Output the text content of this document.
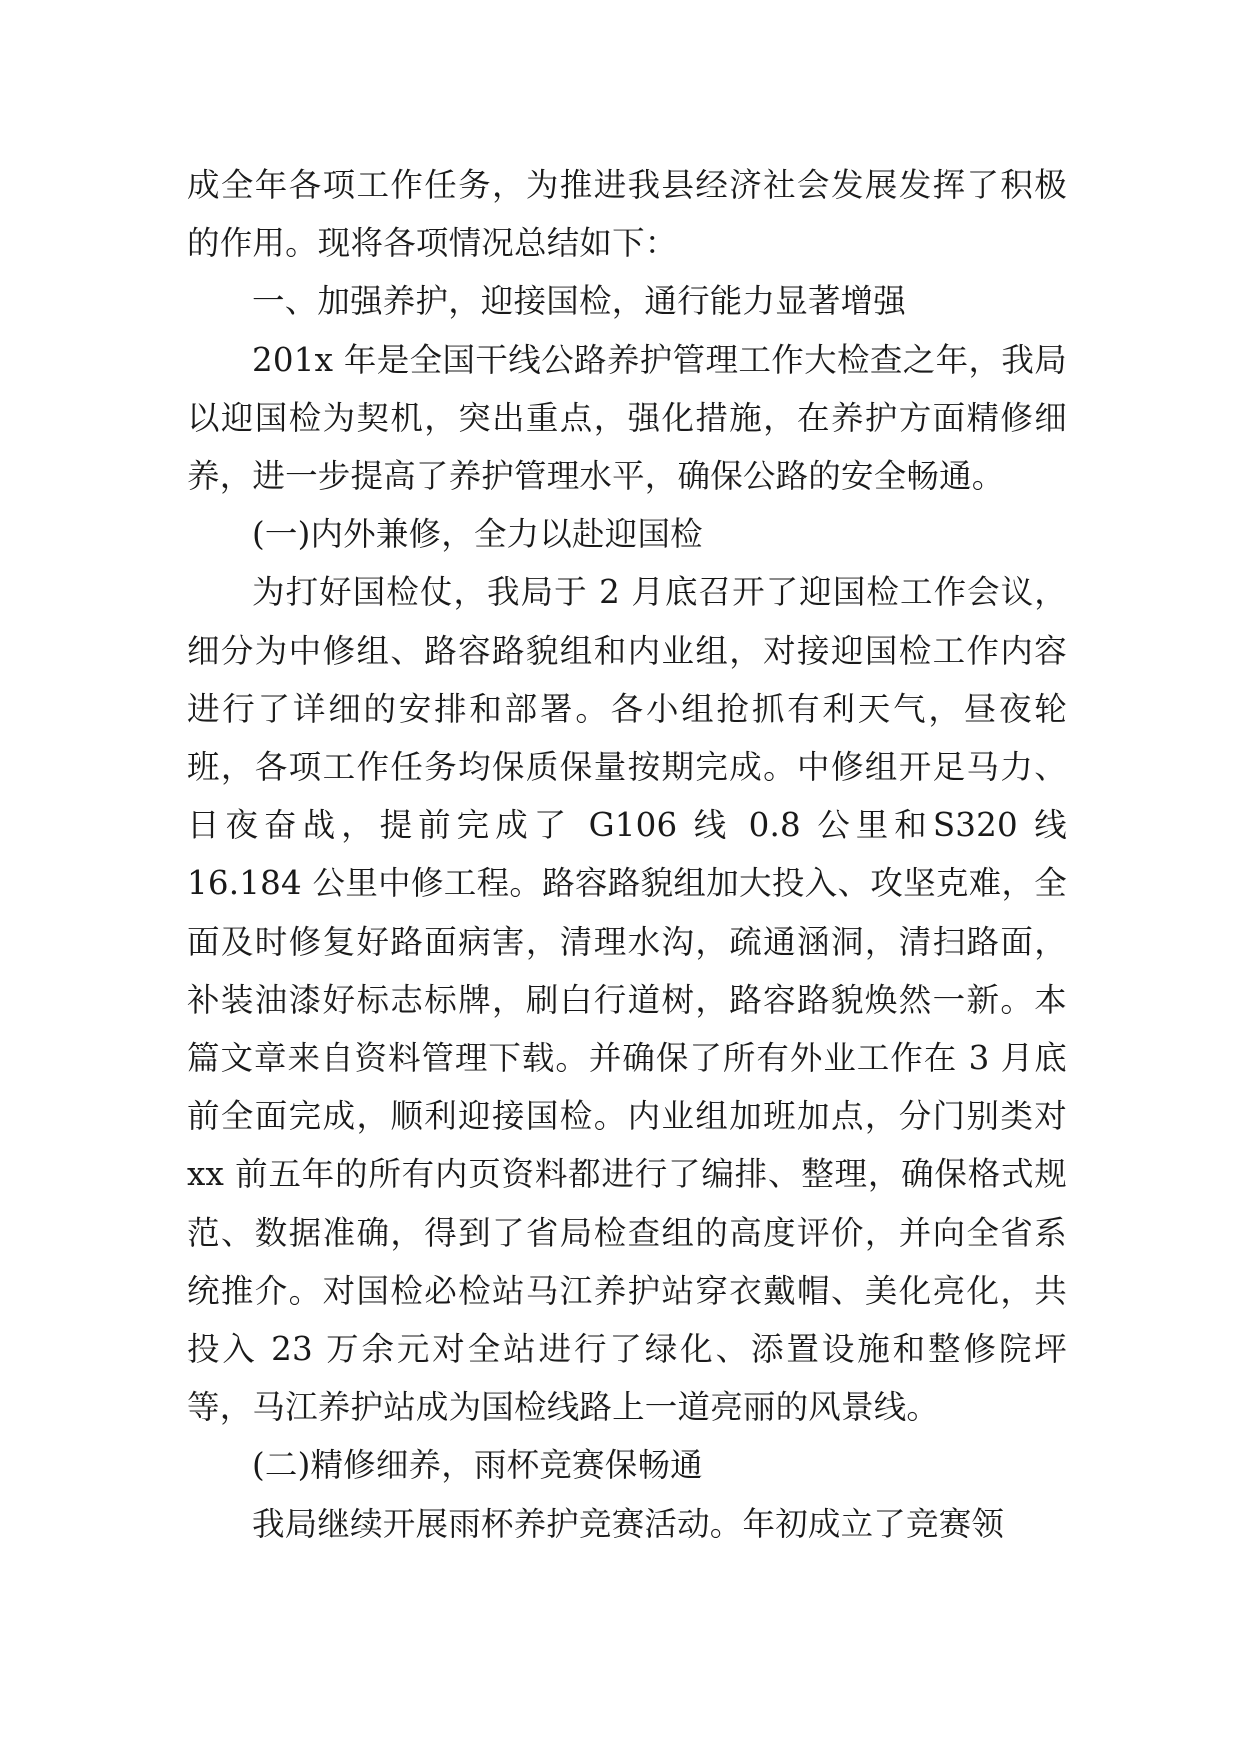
成全年各项工作任务，为推进我县经济社会发展发挥了积极的作用。现将各项情况总结如下：

一、加强养护，迎接国检，通行能力显著增强

201x 年是全国干线公路养护管理工作大检查之年，我局以迎国检为契机，突出重点，强化措施，在养护方面精修细养，进一步提高了养护管理水平，确保公路的安全畅通。

(一)内外兼修，全力以赴迎国检

为打好国检仗，我局于 2 月底召开了迎国检工作会议，细分为中修组、路容路貌组和内业组，对接迎国检工作内容进行了详细的安排和部署。各小组抢抓有利天气，昼夜轮班，各项工作任务均保质保量按期完成。中修组开足马力、日夜奋战，提前完成了 G106 线 0.8 公里和S320 线 16.184 公里中修工程。路容路貌组加大投入、攻坚克难，全面及时修复好路面病害，清理水沟，疏通涵洞，清扫路面，补装油漆好标志标牌，刷白行道树，路容路貌焕然一新。本篇文章来自资料管理下载。并确保了所有外业工作在 3 月底前全面完成，顺利迎接国检。内业组加班加点，分门别类对 xx 前五年的所有内页资料都进行了编排、整理，确保格式规范、数据准确，得到了省局检查组的高度评价，并向全省系统推介。对国检必检站马江养护站穿衣戴帽、美化亮化，共投入 23 万余元对全站进行了绿化、添置设施和整修院坪等，马江养护站成为国检线路上一道亮丽的风景线。

(二)精修细养，雨杯竞赛保畅通

我局继续开展雨杯养护竞赛活动。年初成立了竞赛领
